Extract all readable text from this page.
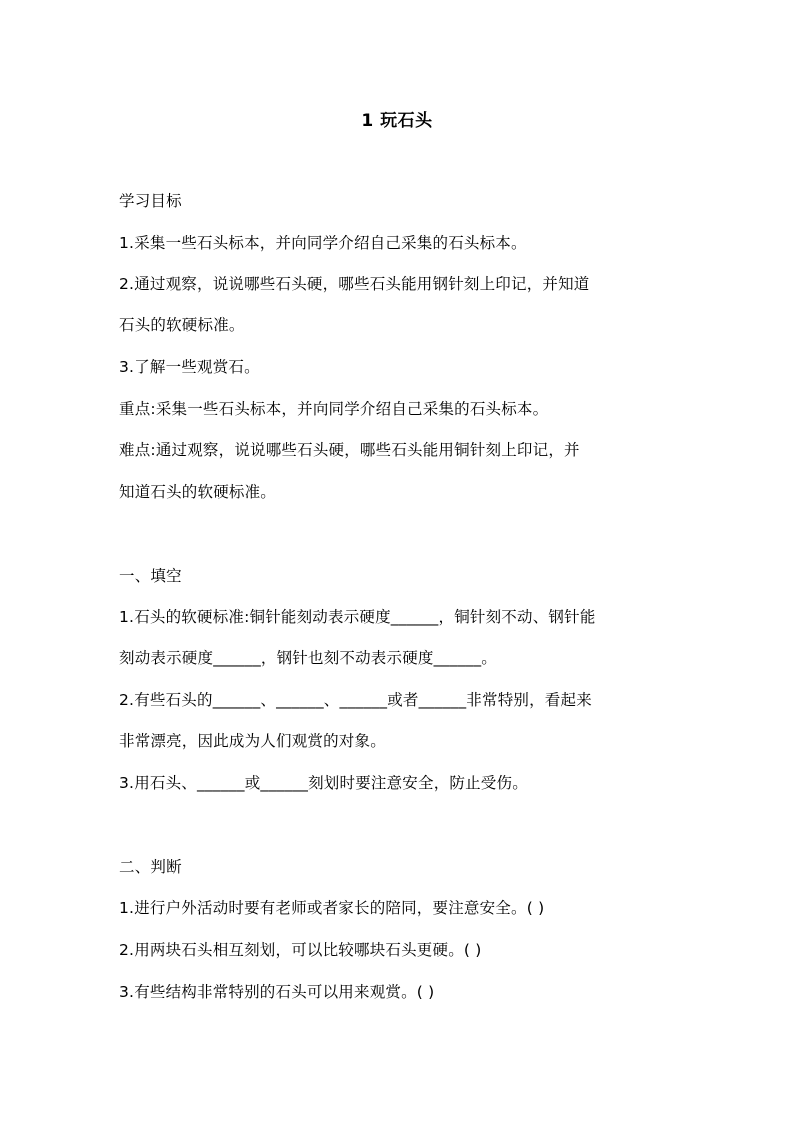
1 玩石头
学习目标
1.采集一些石头标本，并向同学介绍自己采集的石头标本。
2.通过观察，说说哪些石头硬，哪些石头能用钢针刻上印记，并知道
石头的软硬标准。
3.了解一些观赏石。
重点:采集一些石头标本，并向同学介绍自己采集的石头标本。
难点:通过观察，说说哪些石头硬，哪些石头能用铜针刻上印记，并
知道石头的软硬标准。
一、填空
1.石头的软硬标准:铜针能刻动表示硬度______，铜针刻不动、钢针能
刻动表示硬度______，钢针也刻不动表示硬度______。
2.有些石头的______、______、______或者______非常特别，看起来
非常漂亮，因此成为人们观赏的对象。
3.用石头、______或______刻划时要注意安全，防止受伤。
二、判断
1.进行户外活动时要有老师或者家长的陪同，要注意安全。( )
2.用两块石头相互刻划，可以比较哪块石头更硬。( )
3.有些结构非常特别的石头可以用来观赏。( )
